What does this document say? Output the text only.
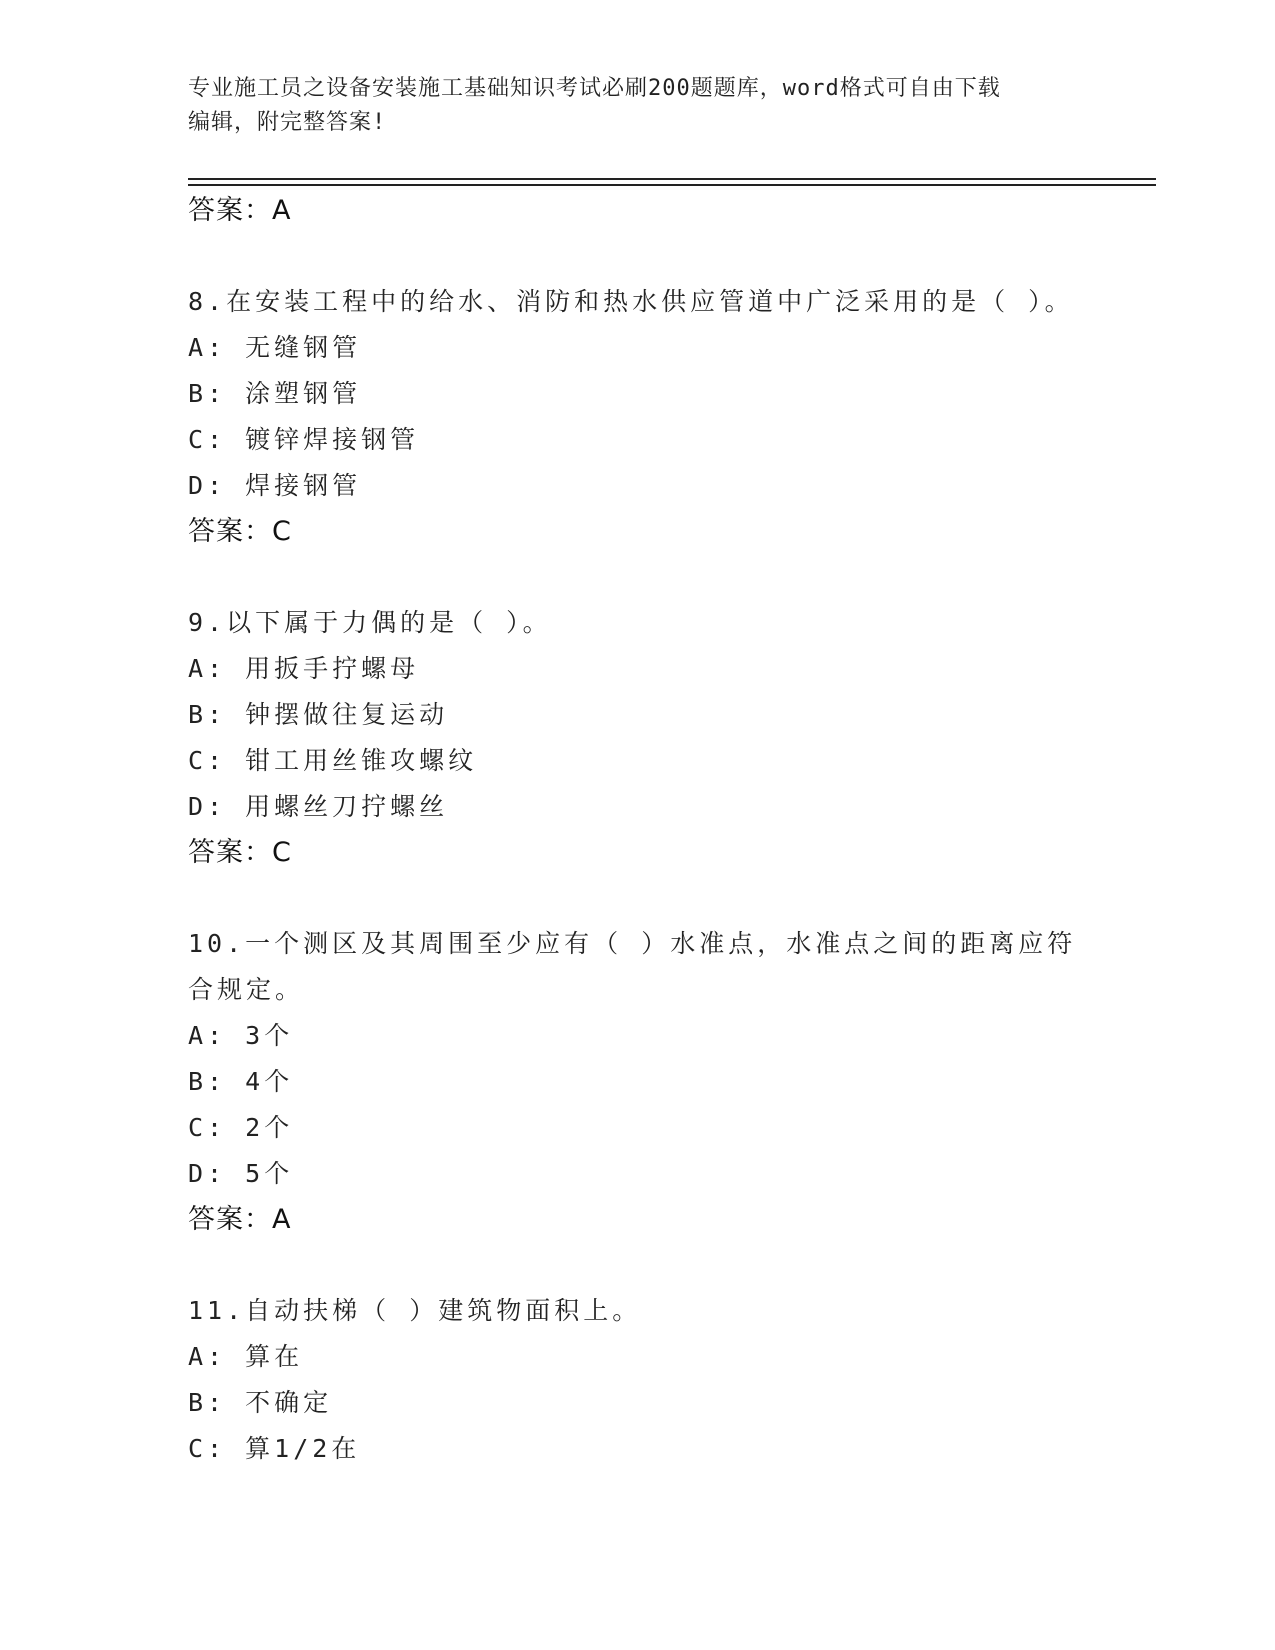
专业施工员之设备安装施工基础知识考试必刷200题题库，word格式可自由下载
编辑，附完整答案!
答案：A
8.在安装工程中的给水、消防和热水供应管道中广泛采用的是（ ）。
A: 无缝钢管
B: 涂塑钢管
C: 镀锌焊接钢管
D: 焊接钢管
答案：C
9.以下属于力偶的是（ ）。
A: 用扳手拧螺母
B: 钟摆做往复运动
C: 钳工用丝锥攻螺纹
D: 用螺丝刀拧螺丝
答案：C
10.一个测区及其周围至少应有（ ）水准点，水准点之间的距离应符
合规定。
A: 3个
B: 4个
C: 2个
D: 5个
答案：A
11.自动扶梯（ ）建筑物面积上。
A: 算在
B: 不确定
C: 算1/2在
